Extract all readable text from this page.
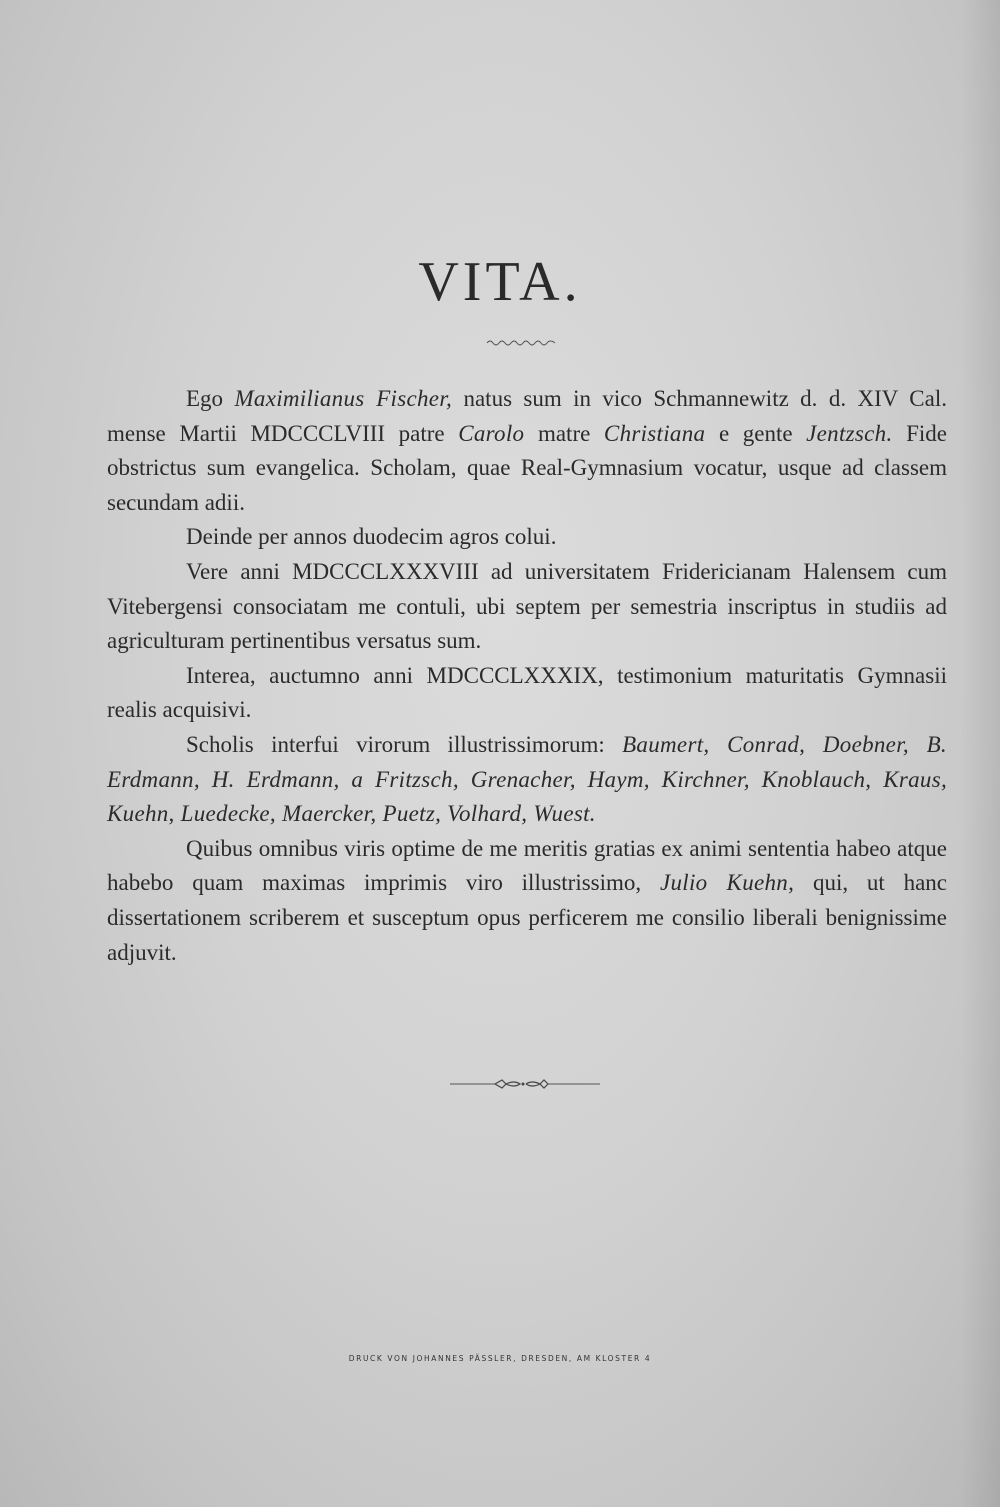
VITA.

Ego Maximilianus Fischer, natus sum in vico Schmannewitz d. d. XIV Cal. mense Martii MDCCCLVIII patre Carolo matre Christiana e gente Jentzsch. Fide obstrictus sum evangelica. Scholam, quae Real-Gymnasium vocatur, usque ad classem secundam adii.

Deinde per annos duodecim agros colui.

Vere anni MDCCCLXXXVIII ad universitatem Fridericianam Halensem cum Vitebergensi consociatam me contuli, ubi septem per semestria inscriptus in studiis ad agriculturam pertinentibus versatus sum.

Interea, auctumno anni MDCCCLXXXIX, testimonium maturitatis Gymnasii realis acquisivi.

Scholis interfui virorum illustrissimorum: Baumert, Conrad, Doebner, B. Erdmann, H. Erdmann, a Fritzsch, Grenacher, Haym, Kirchner, Knoblauch, Kraus, Kuehn, Luedecke, Maercker, Puetz, Volhard, Wuest.

Quibus omnibus viris optime de me meritis gratias ex animi sententia habeo atque habebo quam maximas imprimis viro illustrissimo, Julio Kuehn, qui, ut hanc dissertationem scriberem et susceptum opus perficerem me consilio liberali benignissime adjuvit.

DRUCK VON JOHANNES PÄSSLER, DRESDEN, AM KLOSTER 4
